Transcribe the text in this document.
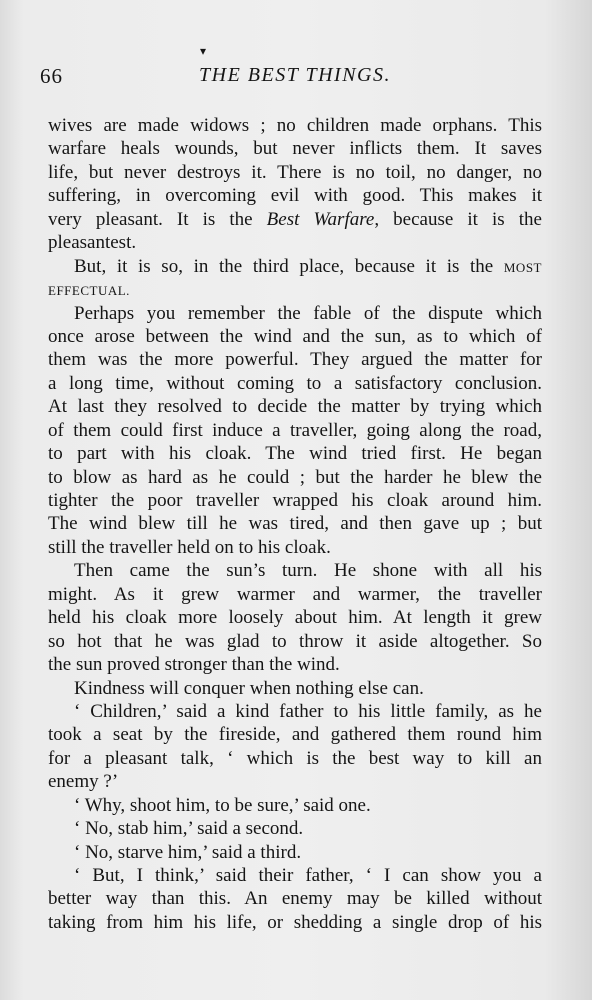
▾
66	THE BEST THINGS.
wives are made widows ; no children made orphans. This
warfare heals wounds, but never inflicts them. It saves
life, but never destroys it. There is no toil, no danger, no
suffering, in overcoming evil with good. This makes it
very pleasant. It is the Best Warfare, because it is the
pleasantest.
But, it is so, in the third place, because it is the MOST
EFFECTUAL.
Perhaps you remember the fable of the dispute which
once arose between the wind and the sun, as to which of
them was the more powerful. They argued the matter for
a long time, without coming to a satisfactory conclusion.
At last they resolved to decide the matter by trying which
of them could first induce a traveller, going along the road,
to part with his cloak. The wind tried first. He began
to blow as hard as he could ; but the harder he blew the
tighter the poor traveller wrapped his cloak around him.
The wind blew till he was tired, and then gave up ; but
still the traveller held on to his cloak.
Then came the sun’s turn. He shone with all his
might. As it grew warmer and warmer, the traveller
held his cloak more loosely about him. At length it grew
so hot that he was glad to throw it aside altogether. So
the sun proved stronger than the wind.
Kindness will conquer when nothing else can.
‘ Children,’ said a kind father to his little family, as he
took a seat by the fireside, and gathered them round him
for a pleasant talk, ‘ which is the best way to kill an
enemy ?’
‘ Why, shoot him, to be sure,’ said one.
‘ No, stab him,’ said a second.
‘ No, starve him,’ said a third.
‘ But, I think,’ said their father, ‘ I can show you a
better way than this. An enemy may be killed without
taking from him his life, or shedding a single drop of his
